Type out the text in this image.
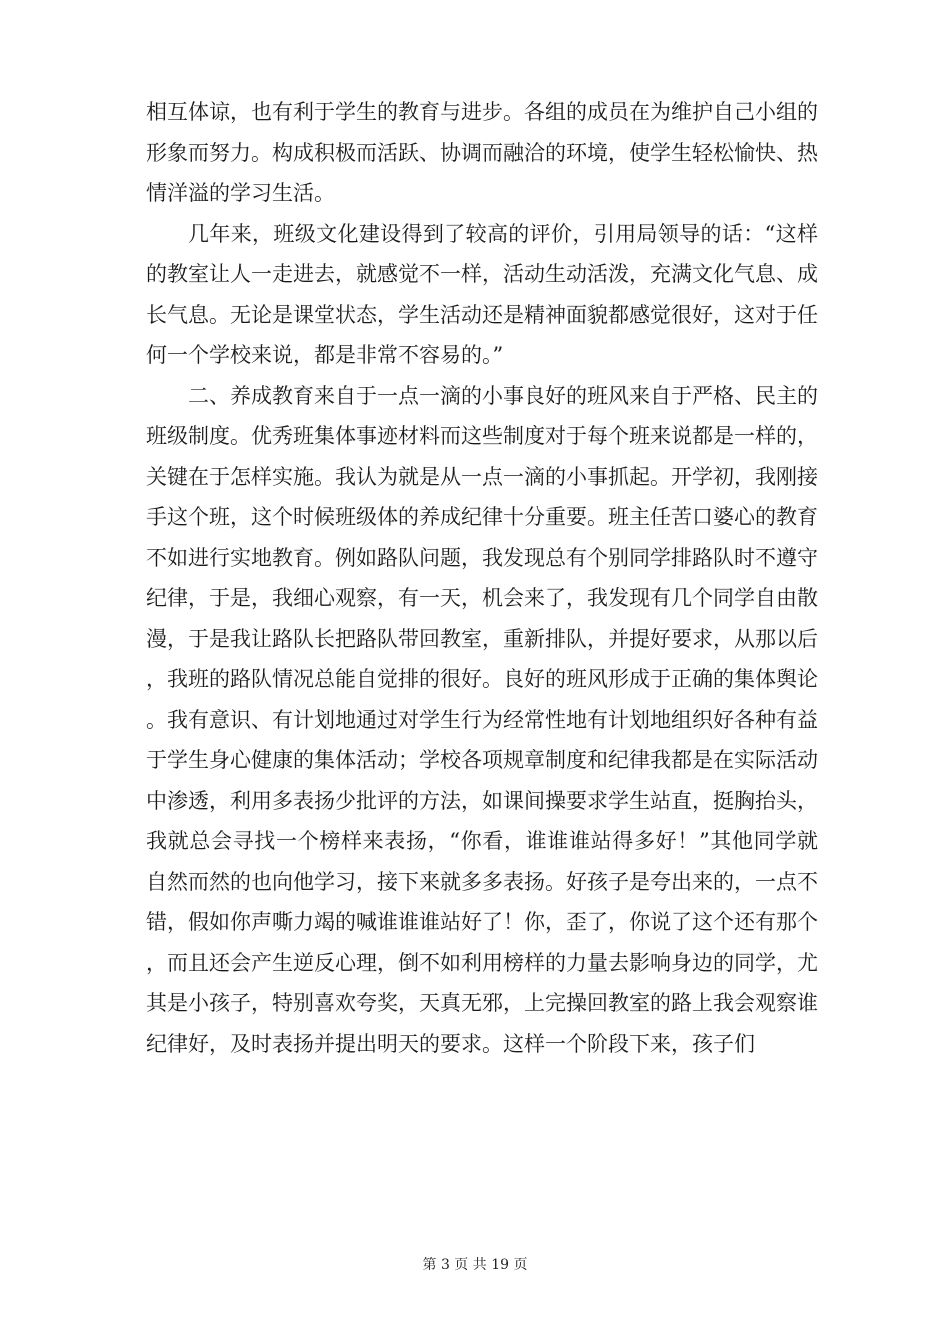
相互体谅，也有利于学生的教育与进步。各组的成员在为维护自己小组的形象而努力。构成积极而活跃、协调而融洽的环境，使学生轻松愉快、热情洋溢的学习生活。

几年来，班级文化建设得到了较高的评价，引用局领导的话：“这样的教室让人一走进去，就感觉不一样，活动生动活泼，充满文化气息、成长气息。无论是课堂状态，学生活动还是精神面貌都感觉很好，这对于任何一个学校来说，都是非常不容易的。”

二、养成教育来自于一点一滴的小事良好的班风来自于严格、民主的班级制度。优秀班集体事迹材料而这些制度对于每个班来说都是一样的，关键在于怎样实施。我认为就是从一点一滴的小事抓起。开学初，我刚接手这个班，这个时候班级体的养成纪律十分重要。班主任苦口婆心的教育不如进行实地教育。例如路队问题，我发现总有个别同学排路队时不遵守纪律，于是，我细心观察，有一天，机会来了，我发现有几个同学自由散漫，于是我让路队长把路队带回教室，重新排队，并提好要求，从那以后，我班的路队情况总能自觉排的很好。良好的班风形成于正确的集体舆论。我有意识、有计划地通过对学生行为经常性地有计划地组织好各种有益于学生身心健康的集体活动；学校各项规章制度和纪律我都是在实际活动中渗透，利用多表扬少批评的方法，如课间操要求学生站直，挺胸抬头，我就总会寻找一个榜样来表扬，“你看，谁谁谁站得多好！”其他同学就自然而然的也向他学习，接下来就多多表扬。好孩子是夸出来的，一点不错，假如你声嘶力竭的喊谁谁谁站好了！你，歪了，你说了这个还有那个，而且还会产生逆反心理，倒不如利用榜样的力量去影响身边的同学，尤其是小孩子，特别喜欢夸奖，天真无邪，上完操回教室的路上我会观察谁纪律好，及时表扬并提出明天的要求。这样一个阶段下来，孩子们

第 3 页 共 19 页
